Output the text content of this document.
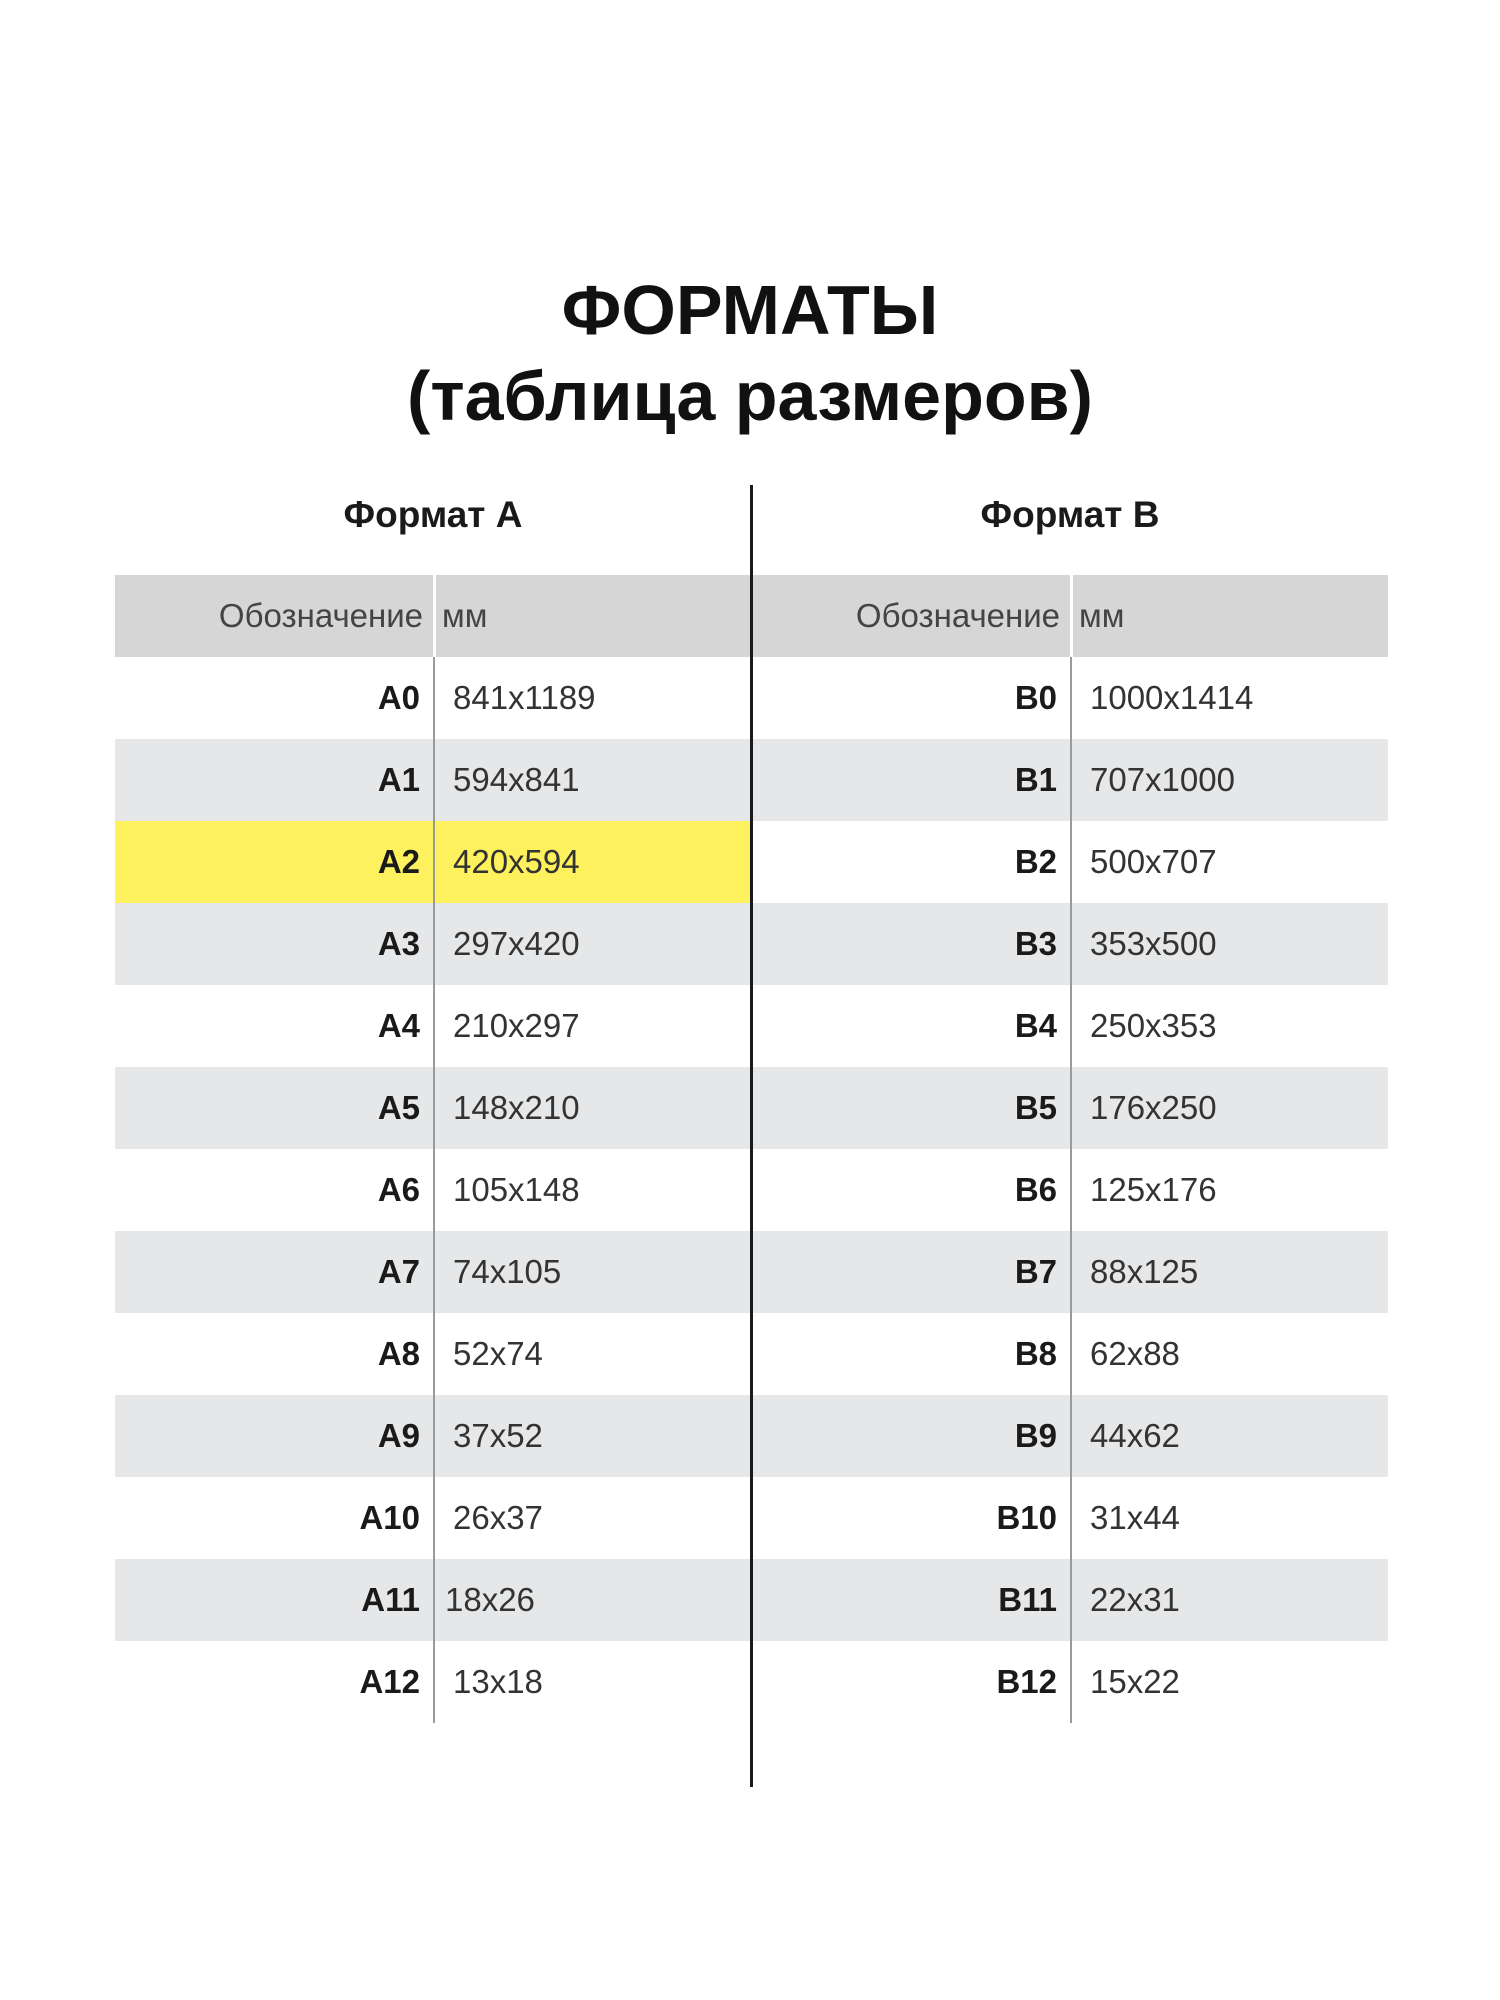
ФОРМАТЫ
(таблица размеров)
Формат A	Формат B
Обозначение мм	Обозначение мм
A0 841x1189	B0 1000x1414
A1 594x841	B1 707x1000
A2 420x594	B2 500x707
A3 297x420	B3 353x500
A4 210x297	B4 250x353
A5 148x210	B5 176x250
A6 105x148	B6 125x176
A7 74x105	B7 88x125
A8 52x74	B8 62x88
A9 37x52	B9 44x62
A10 26x37	B10 31x44
A11 18x26	B11 22x31
A12 13x18	B12 15x22
